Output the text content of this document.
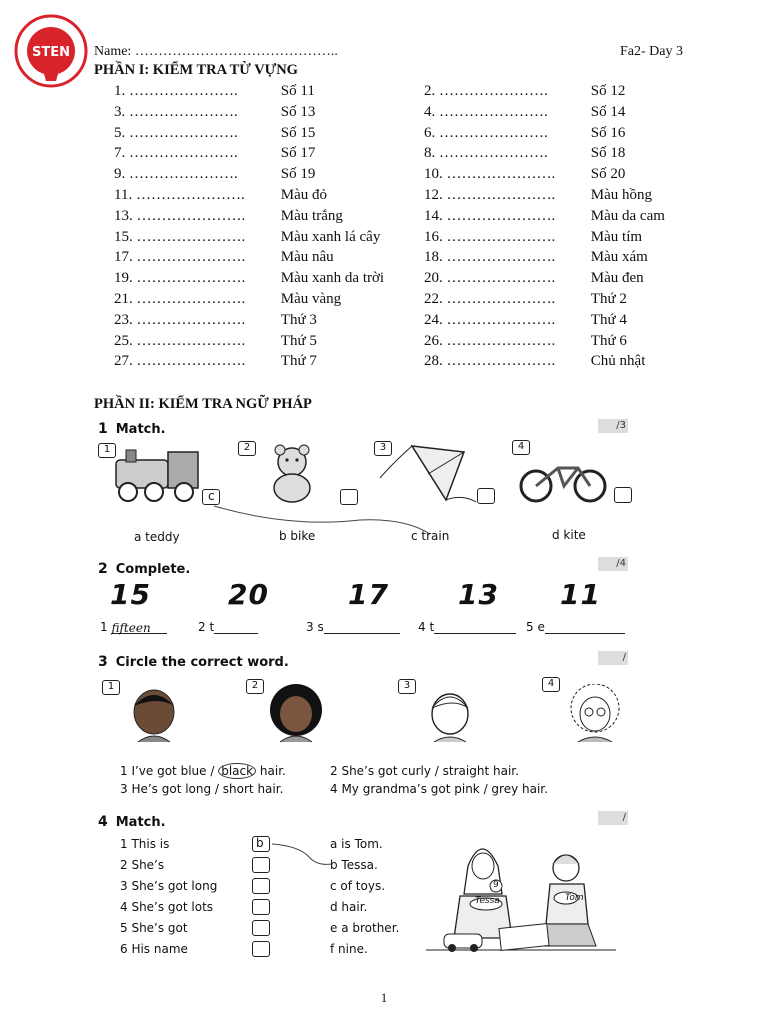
STEN Name: ……………………………………..	Fa2- Day 3
PHẦN I: KIỂM TRA TỪ VỰNG
1. ………………….	Số 11	2. ………………….	Số 12
3. ………………….	Số 13	4. ………………….	Số 14
5. ………………….	Số 15	6. ………………….	Số 16
7. ………………….	Số 17	8. ………………….	Số 18
9. ………………….	Số 19	10. ………………….	Số 20
11. ………………….	Màu đỏ	12. ………………….	Màu hồng
13. ………………….	Màu trắng	14. ………………….	Màu da cam
15. ………………….	Màu xanh lá cây	16. ………………….	Màu tím
17. ………………….	Màu nâu	18. ………………….	Màu xám
19. ………………….	Màu xanh da trời	20. ………………….	Màu đen
21. ………………….	Màu vàng	22. ………………….	Thứ 2
23. ………………….	Thứ 3	24. ………………….	Thứ 4
25. ………………….	Thứ 5	26. ………………….	Thứ 6
27. ………………….	Thứ 7	28. ………………….	Chủ nhật
PHẦN II: KIỂM TRA NGỮ PHÁP
1 Match.	/3
1	2	3	4
c
a teddy	b bike	c train	d kite
2 Complete.	/4
15	20	17 13 11
1 fifteen	2 t	3 s	4 t	5 e
3 Circle the correct word.	/
1	2	3	4
1 I’ve got blue / black hair.	2 She’s got curly / straight hair.
3 He’s got long / short hair.	4 My grandma’s got pink / grey hair.
4 Match.	/
1 This is
2 She’s
3 She’s got long
4 She’s got lots
5 She’s got
6 His name
b	a is Tom.
b Tessa.
c of toys.
d hair.
e a brother.
f nine.
Tessa	Tom
9
1
